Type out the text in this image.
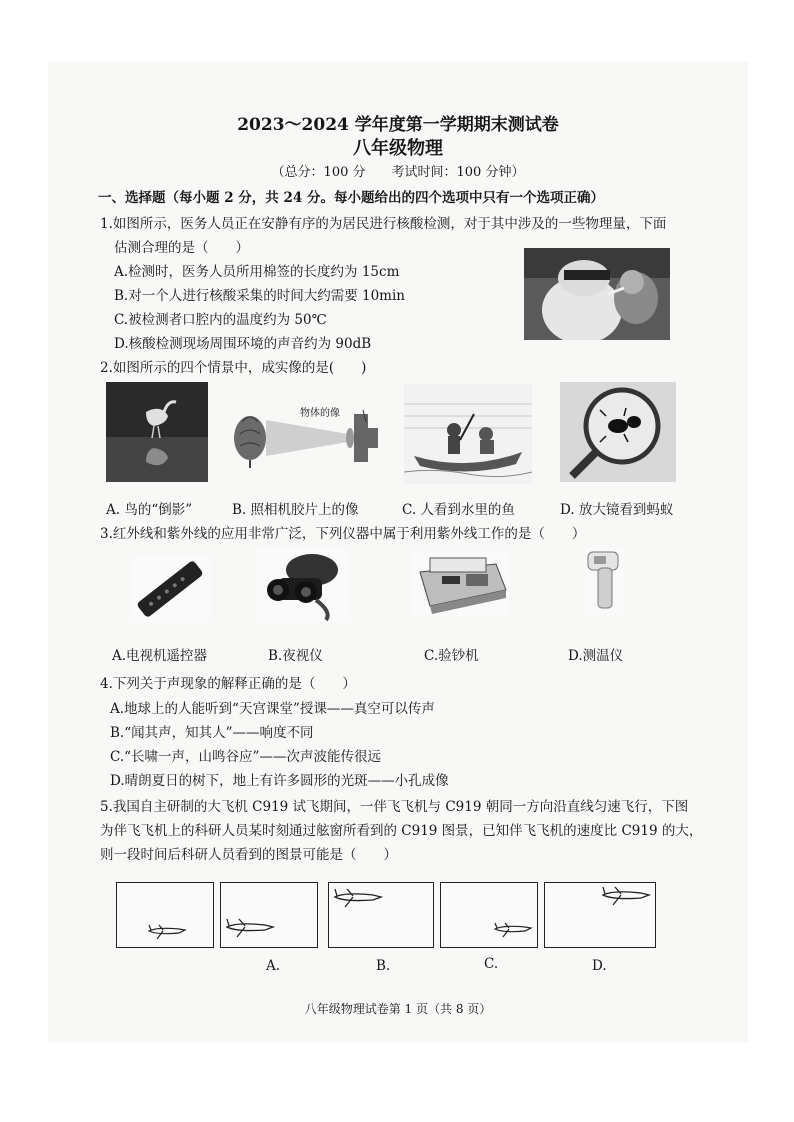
2023～2024 学年度第一学期期末测试卷
八年级物理
（总分：100 分　　考试时间：100 分钟）
一、选择题（每小题 2 分，共 24 分。每小题给出的四个选项中只有一个选项正确）
1.如图所示，医务人员正在安静有序的为居民进行核酸检测，对于其中涉及的一些物理量，下面
估测合理的是（　　）
A.检测时，医务人员所用棉签的长度约为 15cm
B.对一个人进行核酸采集的时间大约需要 10min
C.被检测者口腔内的温度约为 50℃
D.核酸检测现场周围环境的声音约为 90dB
2.如图所示的四个情景中，成实像的是(　　)
物体的像
A. 鸟的“倒影”	B. 照相机胶片上的像	C. 人看到水里的鱼	D. 放大镜看到蚂蚁
3.红外线和紫外线的应用非常广泛，下列仪器中属于利用紫外线工作的是（　　）
A.电视机遥控器	B.夜视仪	C.验钞机	D.测温仪
4.下列关于声现象的解释正确的是（　　）
A.地球上的人能听到“天宫课堂”授课——真空可以传声
B.“闻其声，知其人”——响度不同
C.“长啸一声，山鸣谷应”——次声波能传很远
D.晴朗夏日的树下，地上有许多圆形的光斑——小孔成像
5.我国自主研制的大飞机 C919 试飞期间，一伴飞飞机与 C919 朝同一方向沿直线匀速飞行，下图
为伴飞飞机上的科研人员某时刻通过舷窗所看到的 C919 图景，已知伴飞飞机的速度比 C919 的大，
则一段时间后科研人员看到的图景可能是（　　）
A.	B.	C.	D.
八年级物理试卷第 1 页（共 8 页）
